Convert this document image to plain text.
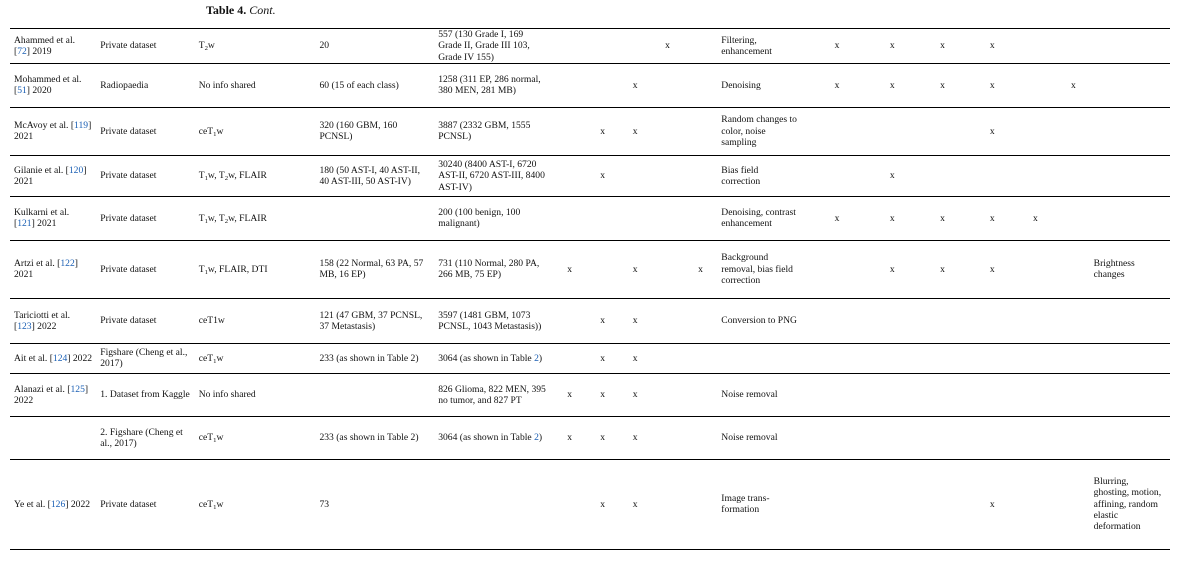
Table 4. Cont.
Ahammed et al. [72] 2019	Private dataset	$T_2w$	20	557 (130 Grade I, 169 Grade II, Grade III 103, Grade IV 155)				x		Filtering, enhancement	x	x	x	x			
Mohammed et al. [51] 2020	Radiopaedia	No info shared	60 (15 of each class)	1258 (311 EP, 286 normal, 380 MEN, 281 MB)			x			Denoising	x	x	x	x		x	
McAvoy et al. [119] 2021	Private dataset	ceT$_1$w	320 (160 GBM, 160 PCNSL)	3887 (2332 GBM, 1555 PCNSL)		x	x			Random changes to color, noise sampling				x			
Gilanie et al. [120] 2021	Private dataset	$T_1w$, $T_2w$, FLAIR	180 (50 AST-I, 40 AST-II, 40 AST-III, 50 AST-IV)	30240 (8400 AST-I, 6720 AST-II, 6720 AST-III, 8400 AST-IV)		x				Bias field correction		x					
Kulkarni et al. [121] 2021	Private dataset	$T_1w$, $T_2w$, FLAIR		200 (100 benign, 100 malignant)						Denoising, contrast enhancement	x	x	x	x	x		
Artzi et al. [122] 2021	Private dataset	$T_1w$, FLAIR, DTI	158 (22 Normal, 63 PA, 57 MB, 16 EP)	731 (110 Normal, 280 PA, 266 MB, 75 EP)	x		x		x	Background removal, bias field correction		x	x	x			Brightness changes
Tariciotti et al. [123] 2022	Private dataset	ceT1w	121 (47 GBM, 37 PCNSL, 37 Metastasis)	3597 (1481 GBM, 1073 PCNSL, 1043 Metastasis))		x	x			Conversion to PNG							
Ait et al. [124] 2022	Figshare (Cheng et al., 2017)	ceT$_1$w	233 (as shown in Table 2)	3064 (as shown in Table 2)		x	x										
Alanazi et al. [125] 2022	1. Dataset from Kaggle	No info shared		826 Glioma, 822 MEN, 395 no tumor, and 827 PT	x	x	x			Noise removal							
	2. Figshare (Cheng et al., 2017)	ceT$_1$w	233 (as shown in Table 2)	3064 (as shown in Table 2)	x	x	x			Noise removal							
Ye et al. [126] 2022	Private dataset	ceT$_1$w	73			x	x			Image trans-formation				x			Blurring, ghosting, motion, affining, random elastic deformation
